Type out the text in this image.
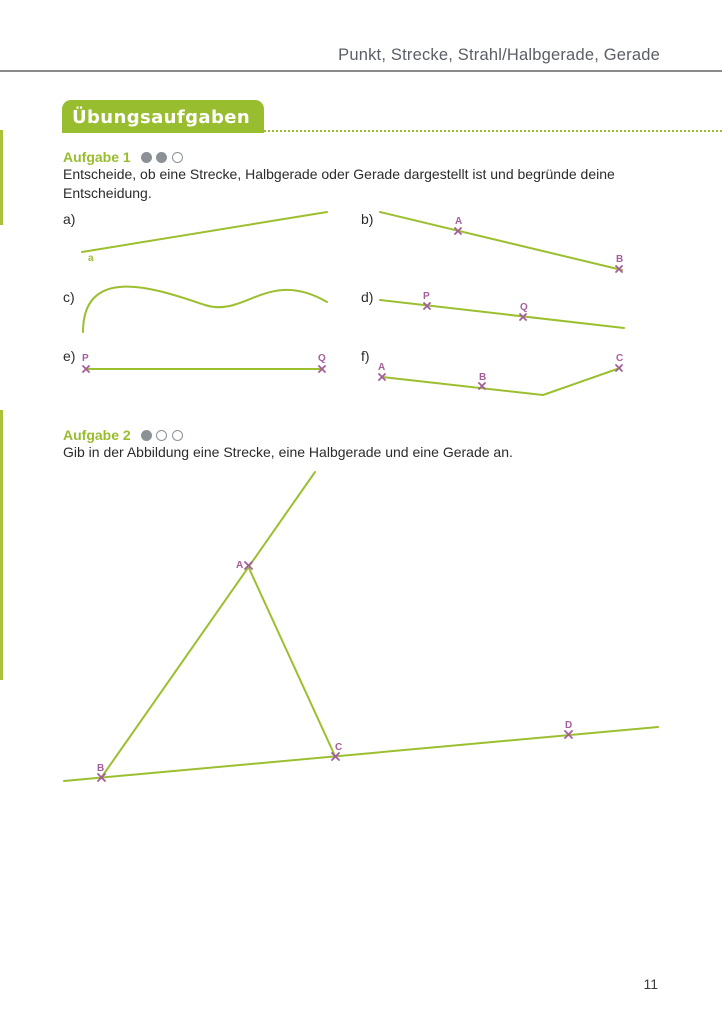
Punkt, Strecke, Strahl/Halbgerade, Gerade
Übungsaufgaben
Aufgabe 1
Entscheide, ob eine Strecke, Halbgerade oder Gerade dargestellt ist und begründe deine Entscheidung.
a)	b)
c)	d)
e)	f)
a
A
B
P
Q
P	Q
A
B
C
A
B
C
D
Aufgabe 2
Gib in der Abbildung eine Strecke, eine Halbgerade und eine Gerade an.
11
